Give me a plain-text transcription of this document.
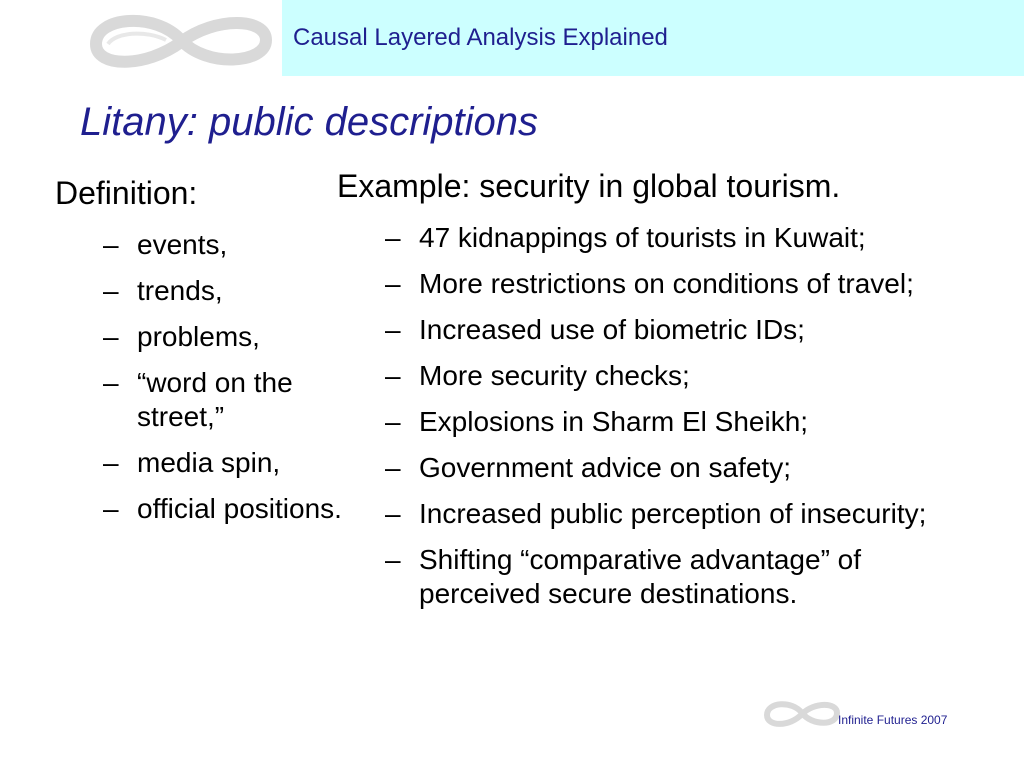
Causal Layered Analysis Explained
Litany: public descriptions
Definition:
– events,
– trends,
– problems,
– “word on the street,”
– media spin,
– official positions.
Example: security in global tourism.
– 47 kidnappings of tourists in Kuwait;
– More restrictions on conditions of travel;
– Increased use of biometric IDs;
– More security checks;
– Explosions in Sharm El Sheikh;
– Government advice on safety;
– Increased public perception of insecurity;
– Shifting “comparative advantage” of perceived secure destinations.
Infinite Futures 2007
